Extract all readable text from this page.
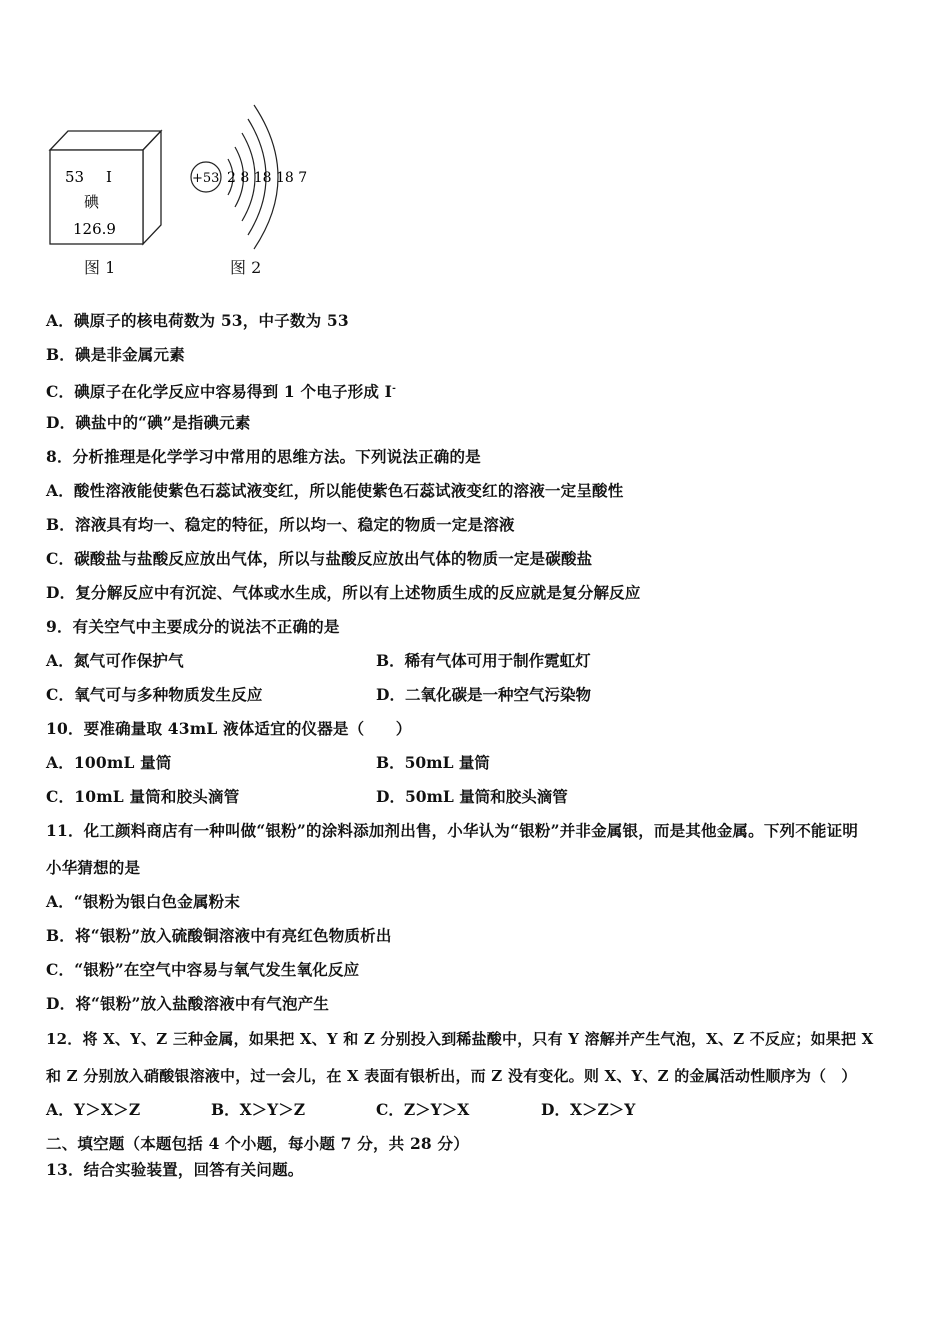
53 I
碘
126.9
+53 2 8 18 18 7
图 1	图 2
A．碘原子的核电荷数为 53，中子数为 53
B．碘是非金属元素
C．碘原子在化学反应中容易得到 1 个电子形成 I-
D．碘盐中的“碘”是指碘元素
8．分析推理是化学学习中常用的思维方法。下列说法正确的是
A．酸性溶液能使紫色石蕊试液变红，所以能使紫色石蕊试液变红的溶液一定呈酸性
B．溶液具有均一、稳定的特征，所以均一、稳定的物质一定是溶液
C．碳酸盐与盐酸反应放出气体，所以与盐酸反应放出气体的物质一定是碳酸盐
D．复分解反应中有沉淀、气体或水生成，所以有上述物质生成的反应就是复分解反应
9．有关空气中主要成分的说法不正确的是
A．氮气可作保护气	B．稀有气体可用于制作霓虹灯
C．氧气可与多种物质发生反应	D．二氧化碳是一种空气污染物
10．要准确量取 43mL 液体适宜的仪器是（　　）
A．100mL 量筒	B．50mL 量筒
C．10mL 量筒和胶头滴管	D．50mL 量筒和胶头滴管
11．化工颜料商店有一种叫做“银粉”的涂料添加剂出售，小华认为“银粉”并非金属银，而是其他金属。下列不能证明
小华猜想的是
A．“银粉为银白色金属粉末
B．将“银粉”放入硫酸铜溶液中有亮红色物质析出
C．“银粉”在空气中容易与氧气发生氧化反应
D．将“银粉”放入盐酸溶液中有气泡产生
12．将 X、Y、Z 三种金属，如果把 X、Y 和 Z 分别投入到稀盐酸中，只有 Y 溶解并产生气泡，X、Z 不反应；如果把 X
和 Z 分别放入硝酸银溶液中，过一会儿，在 X 表面有银析出，而 Z 没有变化。则 X、Y、Z 的金属活动性顺序为（　）
A．Y＞X＞Z	B．X＞Y＞Z	C．Z＞Y＞X	D．X＞Z＞Y
二、填空题（本题包括 4 个小题，每小题 7 分，共 28 分）
13．结合实验装置，回答有关问题。
